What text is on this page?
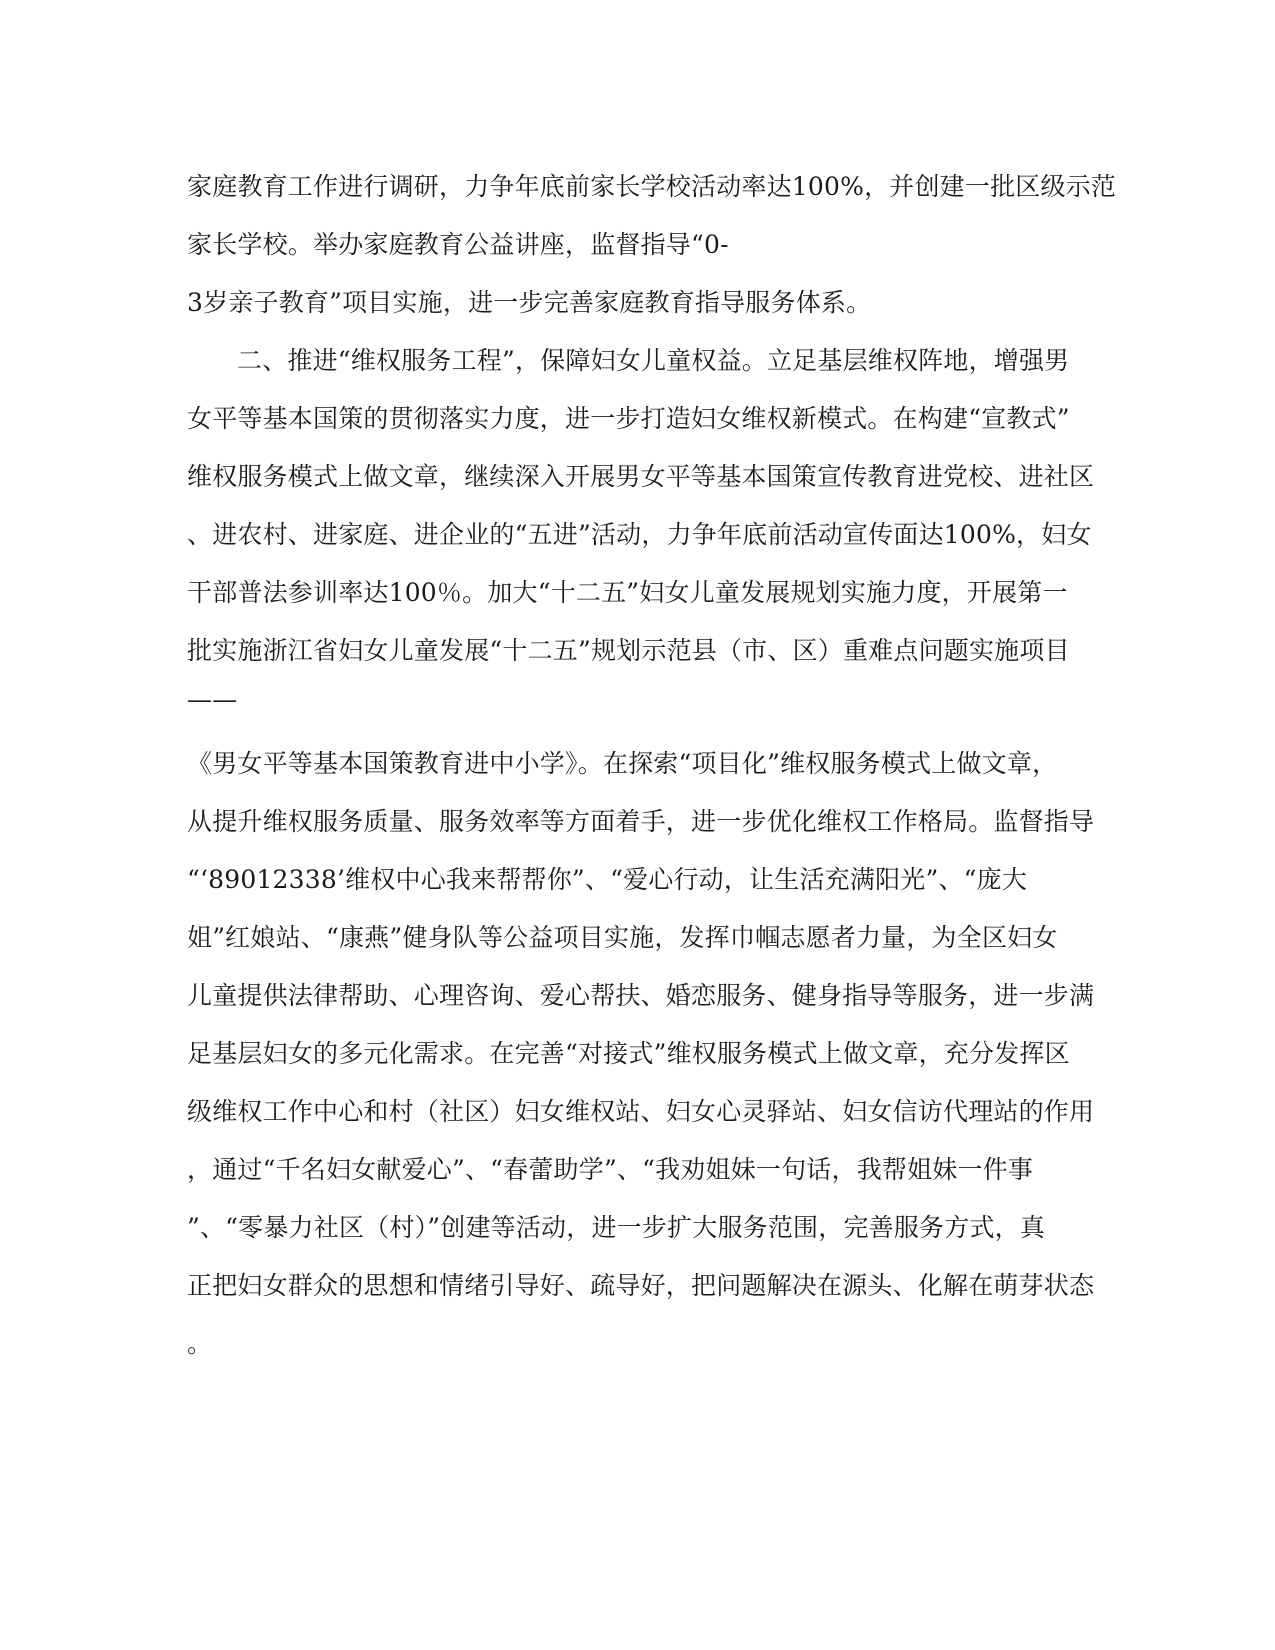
家庭教育工作进行调研，力争年底前家长学校活动率达100%，并创建一批区级示范
家长学校。举办家庭教育公益讲座，监督指导“0-
3岁亲子教育”项目实施，进一步完善家庭教育指导服务体系。
二、推进“维权服务工程”，保障妇女儿童权益。立足基层维权阵地，增强男
女平等基本国策的贯彻落实力度，进一步打造妇女维权新模式。在构建“宣教式”
维权服务模式上做文章，继续深入开展男女平等基本国策宣传教育进党校、进社区
、进农村、进家庭、进企业的“五进”活动，力争年底前活动宣传面达100%，妇女
干部普法参训率达100％。加大“十二五”妇女儿童发展规划实施力度，开展第一
批实施浙江省妇女儿童发展“十二五”规划示范县（市、区）重难点问题实施项目
——
《男女平等基本国策教育进中小学》。在探索“项目化”维权服务模式上做文章，
从提升维权服务质量、服务效率等方面着手，进一步优化维权工作格局。监督指导
“‘89012338’维权中心我来帮帮你”、“爱心行动，让生活充满阳光”、“庞大
姐”红娘站、“康燕”健身队等公益项目实施，发挥巾帼志愿者力量，为全区妇女
儿童提供法律帮助、心理咨询、爱心帮扶、婚恋服务、健身指导等服务，进一步满
足基层妇女的多元化需求。在完善“对接式”维权服务模式上做文章，充分发挥区
级维权工作中心和村（社区）妇女维权站、妇女心灵驿站、妇女信访代理站的作用
，通过“千名妇女献爱心”、“春蕾助学”、“我劝姐妹一句话，我帮姐妹一件事
”、“零暴力社区（村）”创建等活动，进一步扩大服务范围，完善服务方式，真
正把妇女群众的思想和情绪引导好、疏导好，把问题解决在源头、化解在萌芽状态
。
